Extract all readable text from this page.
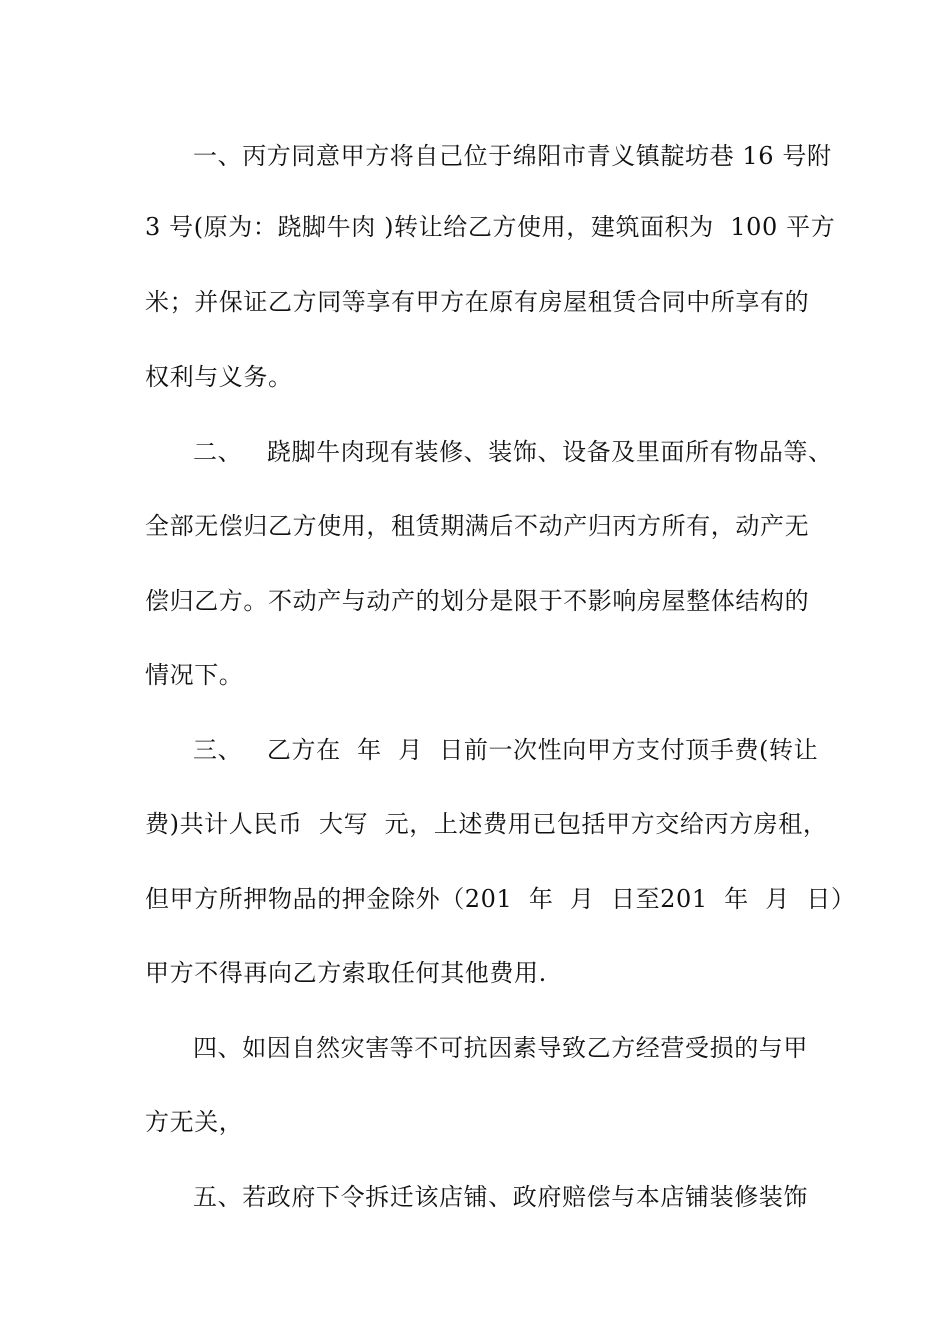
一、丙方同意甲方将自己位于绵阳市青义镇靛坊巷 16 号附
3 号(原为：跷脚牛肉 )转让给乙方使用，建筑面积为  100 平方
米；并保证乙方同等享有甲方在原有房屋租赁合同中所享有的
权利与义务。
二、   跷脚牛肉现有装修、装饰、设备及里面所有物品等、
全部无偿归乙方使用，租赁期满后不动产归丙方所有，动产无
偿归乙方。不动产与动产的划分是限于不影响房屋整体结构的
情况下。
三、   乙方在  年  月  日前一次性向甲方支付顶手费(转让
费)共计人民币  大写  元，上述费用已包括甲方交给丙方房租，
但甲方所押物品的押金除外（201  年  月  日至201  年  月  日）
甲方不得再向乙方索取任何其他费用.
四、如因自然灾害等不可抗因素导致乙方经营受损的与甲
方无关，
五、若政府下令拆迁该店铺、政府赔偿与本店铺装修装饰
